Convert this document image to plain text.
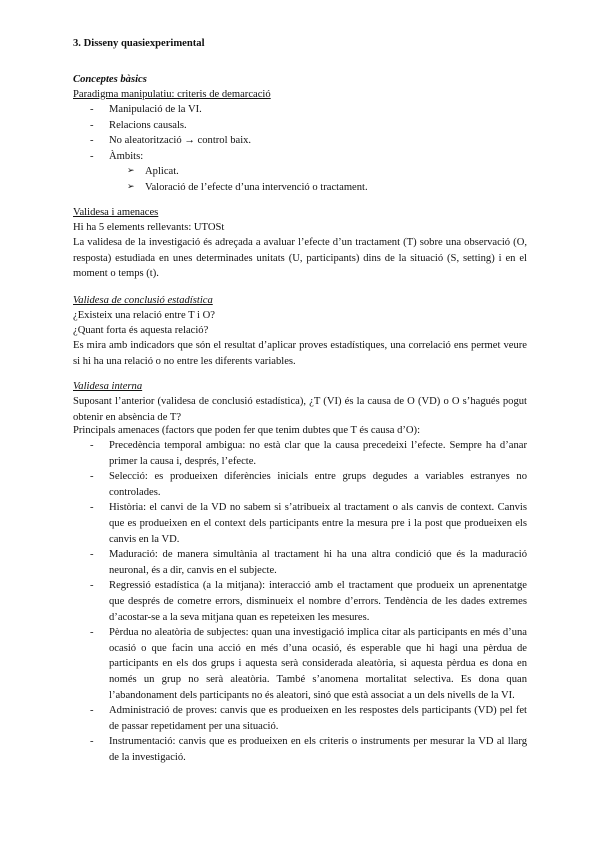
3. Disseny quasiexperimental

Conceptes bàsics

Paradigma manipulatiu: criteris de demarcació

- Manipulació de la VI.
- Relacions causals.
- No aleatorització → control baix.
- Àmbits:
➢ Aplicat.
➢ Valoració de l’efecte d’una intervenció o tractament.

Validesa i amenaces

Hi ha 5 elements rellevants: UTOSt

La validesa de la investigació és adreçada a avaluar l’efecte d’un tractament (T) sobre una observació (O, resposta) estudiada en unes determinades unitats (U, participants) dins de la situació (S, setting) i en el moment o temps (t).

Validesa de conclusió estadística

¿Existeix una relació entre T i O?

¿Quant forta és aquesta relació?

Es mira amb indicadors que són el resultat d’aplicar proves estadístiques, una correlació ens permet veure si hi ha una relació o no entre les diferents variables.

Validesa interna

Suposant l’anterior (validesa de conclusió estadística), ¿T (VI) és la causa de O (VD) o O s’hagués pogut obtenir en absència de T?

Principals amenaces (factors que poden fer que tenim dubtes que T és causa d’O):

- Precedència temporal ambigua: no està clar que la causa precedeixi l’efecte. Sempre ha d’anar primer la causa i, després, l’efecte.
- Selecció: es produeixen diferències inicials entre grups degudes a variables estranyes no controlades.
- Història: el canvi de la VD no sabem si s’atribueix al tractament o als canvis de context. Canvis que es produeixen en el context dels participants entre la mesura pre i la post que produeixen els canvis en la VD.
- Maduració: de manera simultània al tractament hi ha una altra condició que és la maduració neuronal, és a dir, canvis en el subjecte.
- Regressió estadística (a la mitjana): interacció amb el tractament que produeix un aprenentatge que després de cometre errors, disminueix el nombre d’errors. Tendència de les dades extremes d’acostar-se a la seva mitjana quan es repeteixen les mesures.
- Pèrdua no aleatòria de subjectes: quan una investigació implica citar als participants en més d’una ocasió o que facin una acció en més d’una ocasió, és esperable que hi hagi una pèrdua de participants en els dos grups i aquesta serà considerada aleatòria, si aquesta pèrdua es dona en només un grup no serà aleatòria. També s’anomena mortalitat selectiva. Es dona quan l’abandonament dels participants no és aleatori, sinó que està associat a un dels nivells de la VI.
- Administració de proves: canvis que es produeixen en les respostes dels participants (VD) pel fet de passar repetidament per una situació.
- Instrumentació: canvis que es produeixen en els criteris o instruments per mesurar la VD al llarg de la investigació.
